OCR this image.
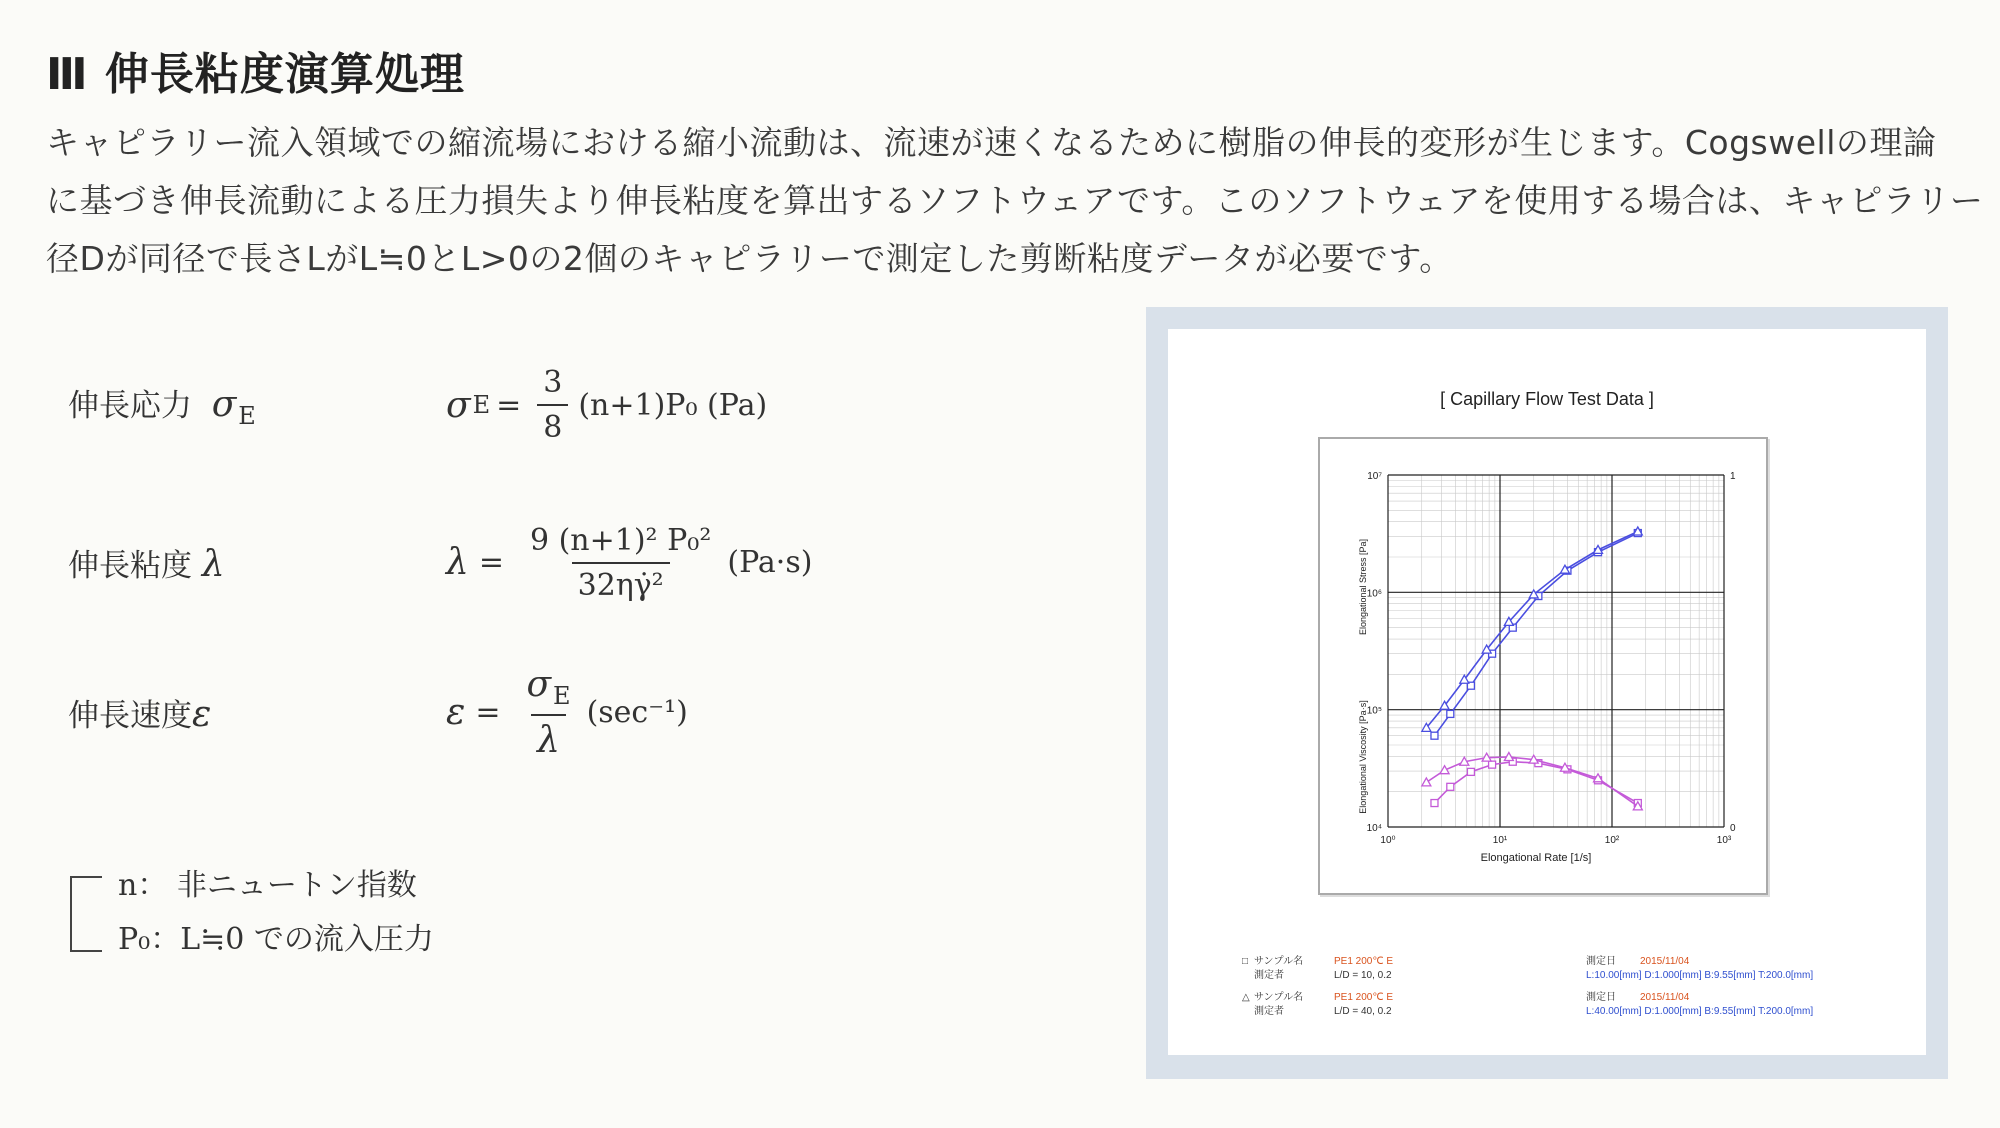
Ⅲ 伸長粘度演算処理
キャピラリー流入領域での縮流場における縮小流動は、流速が速くなるために樹脂の伸長的変形が生じます。Cogswellの理論
に基づき伸長流動による圧力損失より伸長粘度を算出するソフトウェアです。このソフトウェアを使用する場合は、キャピラリー
径Dが同径で長さLがL≒0とL>0の2個のキャピラリーで測定した剪断粘度データが必要です。
伸長応力 $\sigma_E$	σ $E = \frac{3}{8} (n+1)P_0$ (Pa)
伸長粘度 λ	$\lambda = \frac{\text{9 (n+1)² P₀²}}{\text{32ηγ̇²}} (Pa\cdot s)$
伸長速度ε	$\varepsilon = \frac{\sigma_E}{\lambda} (\sec^{-1})$
n： 非ニュートン指数
P₀：L≒0 での流入圧力
[ Capillary Flow Test Data ]
10⁰	10¹	10²	10³
10⁷
10⁶
10⁵
10⁴
1
0
Elongational Rate [1/s]
Elongational Stress [Pa]
Elongational Viscosity [Pa·s]
□ サンプル名
測定者
PE1 200℃ E
L/D = 10, 0.2
測定日 2015/11/04
L:10.00[mm] D:1.000[mm] B:9.55[mm] T:200.0[mm]
△ サンプル名
測定者
PE1 200℃ E
L/D = 40, 0.2
測定日 2015/11/04
L:40.00[mm] D:1.000[mm] B:9.55[mm] T:200.0[mm]
